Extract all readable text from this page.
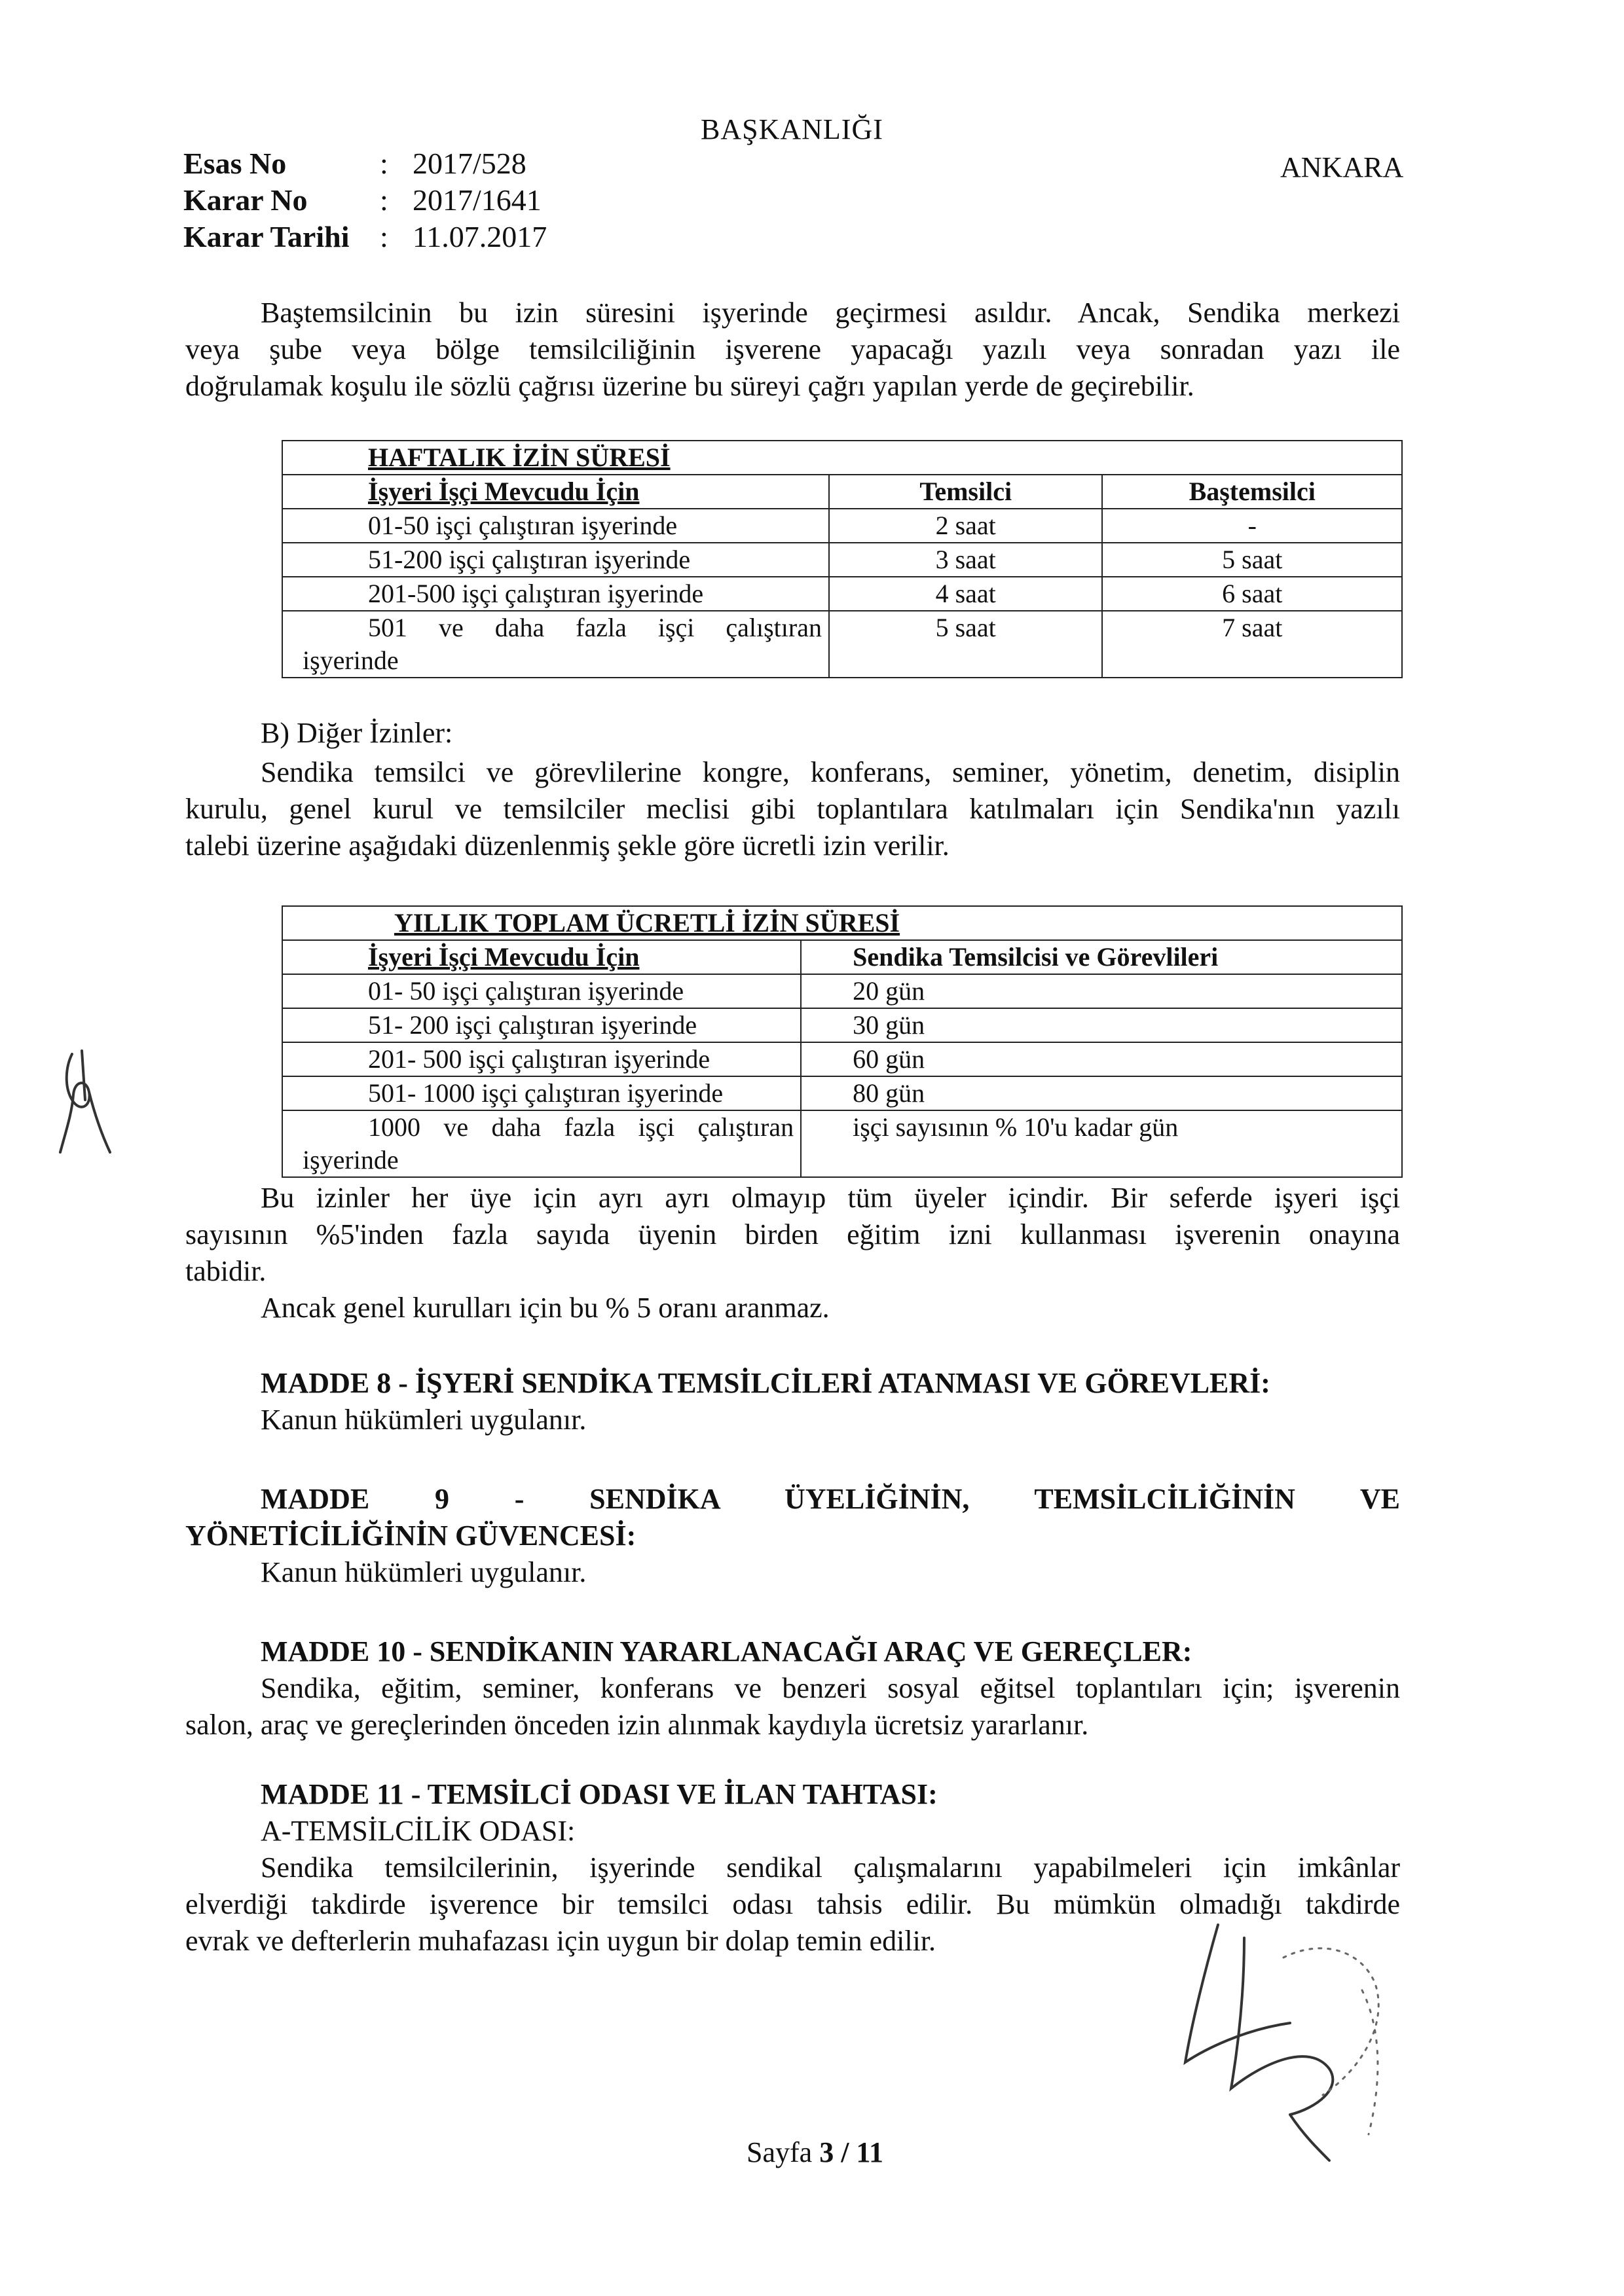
BAŞKANLIĞI
ANKARA
Esas No	: 2017/528
Karar No : 2017/1641
Karar Tarihi : 11.07.2017
Baştemsilcinin bu izin süresini işyerinde geçirmesi asıldır. Ancak, Sendika merkezi
veya şube veya bölge temsilciliğinin işverene yapacağı yazılı veya sonradan yazı ile
doğrulamak koşulu ile sözlü çağrısı üzerine bu süreyi çağrı yapılan yerde de geçirebilir.
HAFTALIK İZİN SÜRESİ		
İşyeri İşçi Mevcudu İçin	Temsilci	Baştemsilci
01-50 işçi çalıştıran işyerinde	2 saat	-
51-200 işçi çalıştıran işyerinde	3 saat	5 saat
201-500 işçi çalıştıran işyerinde	4 saat	6 saat

501 ve daha fazla işçi çalıştıran
işyerinde	5 saat	7 saat
B) Diğer İzinler:
Sendika temsilci ve görevlilerine kongre, konferans, seminer, yönetim, denetim, disiplin
kurulu, genel kurul ve temsilciler meclisi gibi toplantılara katılmaları için Sendika'nın yazılı
talebi üzerine aşağıdaki düzenlenmiş şekle göre ücretli izin verilir.
YILLIK TOPLAM ÜCRETLİ İZİN SÜRESİ	
İşyeri İşçi Mevcudu İçin	Sendika Temsilcisi ve Görevlileri
01- 50 işçi çalıştıran işyerinde	20 gün
51- 200 işçi çalıştıran işyerinde	30 gün
201- 500 işçi çalıştıran işyerinde	60 gün
501- 1000 işçi çalıştıran işyerinde	80 gün

1000 ve daha fazla işçi çalıştıran
işyerinde	işçi sayısının % 10'u kadar gün
Bu izinler her üye için ayrı ayrı olmayıp tüm üyeler içindir. Bir seferde işyeri işçi
sayısının %5'inden fazla sayıda üyenin birden eğitim izni kullanması işverenin onayına
tabidir.
Ancak genel kurulları için bu % 5 oranı aranmaz.
MADDE 8 - İŞYERİ SENDİKA TEMSİLCİLERİ ATANMASI VE GÖREVLERİ:
Kanun hükümleri uygulanır.
MADDE 9 - SENDİKA ÜYELİĞİNİN, TEMSİLCİLİĞİNİN VE
YÖNETİCİLİĞİNİN GÜVENCESİ:
Kanun hükümleri uygulanır.
MADDE 10 - SENDİKANIN YARARLANACAĞI ARAÇ VE GEREÇLER:
Sendika, eğitim, seminer, konferans ve benzeri sosyal eğitsel toplantıları için; işverenin
salon, araç ve gereçlerinden önceden izin alınmak kaydıyla ücretsiz yararlanır.
MADDE 11 - TEMSİLCİ ODASI VE İLAN TAHTASI:
A-TEMSİLCİLİK ODASI:
Sendika temsilcilerinin, işyerinde sendikal çalışmalarını yapabilmeleri için imkânlar
elverdiği takdirde işverence bir temsilci odası tahsis edilir. Bu mümkün olmadığı takdirde
evrak ve defterlerin muhafazası için uygun bir dolap temin edilir.
Sayfa 3 / 11
